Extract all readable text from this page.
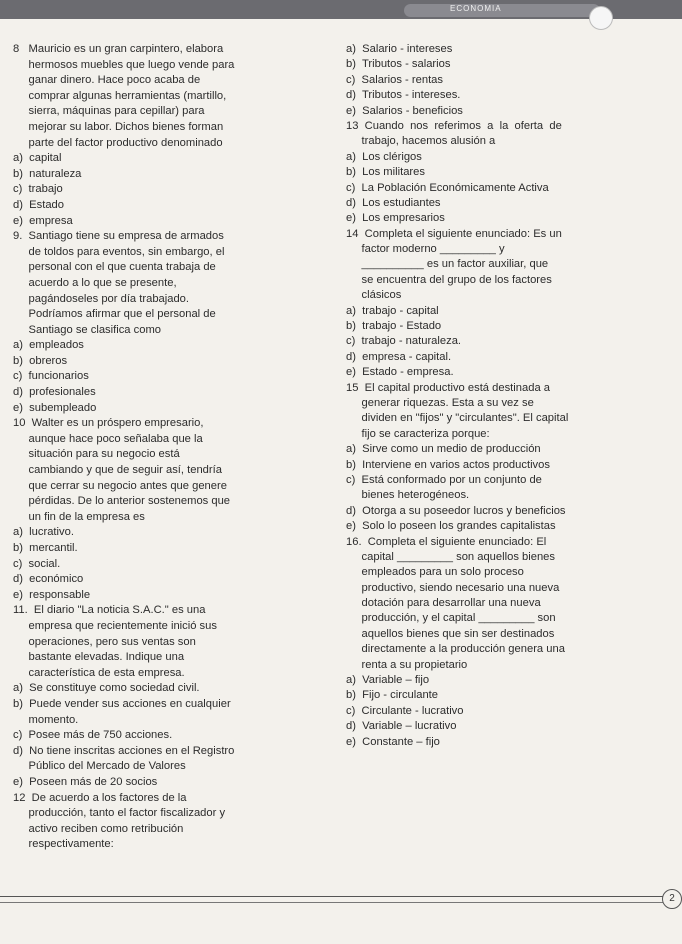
ECONOMIA
8   Mauricio es un gran carpintero, elabora
hermosos muebles que luego vende para
ganar dinero. Hace poco acaba de
comprar algunas herramientas (martillo,
sierra, máquinas para cepillar) para
mejorar su labor. Dichos bienes forman
parte del factor productivo denominado
a)  capital
b)  naturaleza
c)  trabajo
d)  Estado
e)  empresa
9.  Santiago tiene su empresa de armados
de toldos para eventos, sin embargo, el
personal con el que cuenta trabaja de
acuerdo a lo que se presente,
pagándoseles por día trabajado.
Podríamos afirmar que el personal de
Santiago se clasifica como
a)  empleados
b)  obreros
c)  funcionarios
d)  profesionales
e)  subempleado
10  Walter es un próspero empresario,
aunque hace poco señalaba que la
situación para su negocio está
cambiando y que de seguir así, tendría
que cerrar su negocio antes que genere
pérdidas. De lo anterior sostenemos que
un fin de la empresa es
a)  lucrativo.
b)  mercantil.
c)  social.
d)  económico
e)  responsable
11.  El diario "La noticia S.A.C." es una
empresa que recientemente inició sus
operaciones, pero sus ventas son
bastante elevadas. Indique una
característica de esta empresa.
a)  Se constituye como sociedad civil.
b)  Puede vender sus acciones en cualquier
momento.
c)  Posee más de 750 acciones.
d)  No tiene inscritas acciones en el Registro
Público del Mercado de Valores
e)  Poseen más de 20 socios
12  De acuerdo a los factores de la
producción, tanto el factor fiscalizador y
activo reciben como retribución
respectivamente:
a)  Salario - intereses
b)  Tributos - salarios
c)  Salarios - rentas
d)  Tributos - intereses.
e)  Salarios - beneficios
13  Cuando  nos  referimos  a  la  oferta  de
trabajo, hacemos alusión a
a)  Los clérigos
b)  Los militares
c)  La Población Económicamente Activa
d)  Los estudiantes
e)  Los empresarios
14  Completa el siguiente enunciado: Es un
factor moderno _________ y
__________ es un factor auxiliar, que
se encuentra del grupo de los factores
clásicos
a)  trabajo - capital
b)  trabajo - Estado
c)  trabajo - naturaleza.
d)  empresa - capital.
e)  Estado - empresa.
15  El capital productivo está destinada a
generar riquezas. Esta a su vez se
dividen en "fijos" y "circulantes". El capital
fijo se caracteriza porque:
a)  Sirve como un medio de producción
b)  Interviene en varios actos productivos
c)  Está conformado por un conjunto de
bienes heterogéneos.
d)  Otorga a su poseedor lucros y beneficios
e)  Solo lo poseen los grandes capitalistas
16.  Completa el siguiente enunciado: El
capital _________ son aquellos bienes
empleados para un solo proceso
productivo, siendo necesario una nueva
dotación para desarrollar una nueva
producción, y el capital _________ son
aquellos bienes que sin ser destinados
directamente a la producción genera una
renta a su propietario
a)  Variable – fijo
b)  Fijo - circulante
c)  Circulante - lucrativo
d)  Variable – lucrativo
e)  Constante – fijo
2
